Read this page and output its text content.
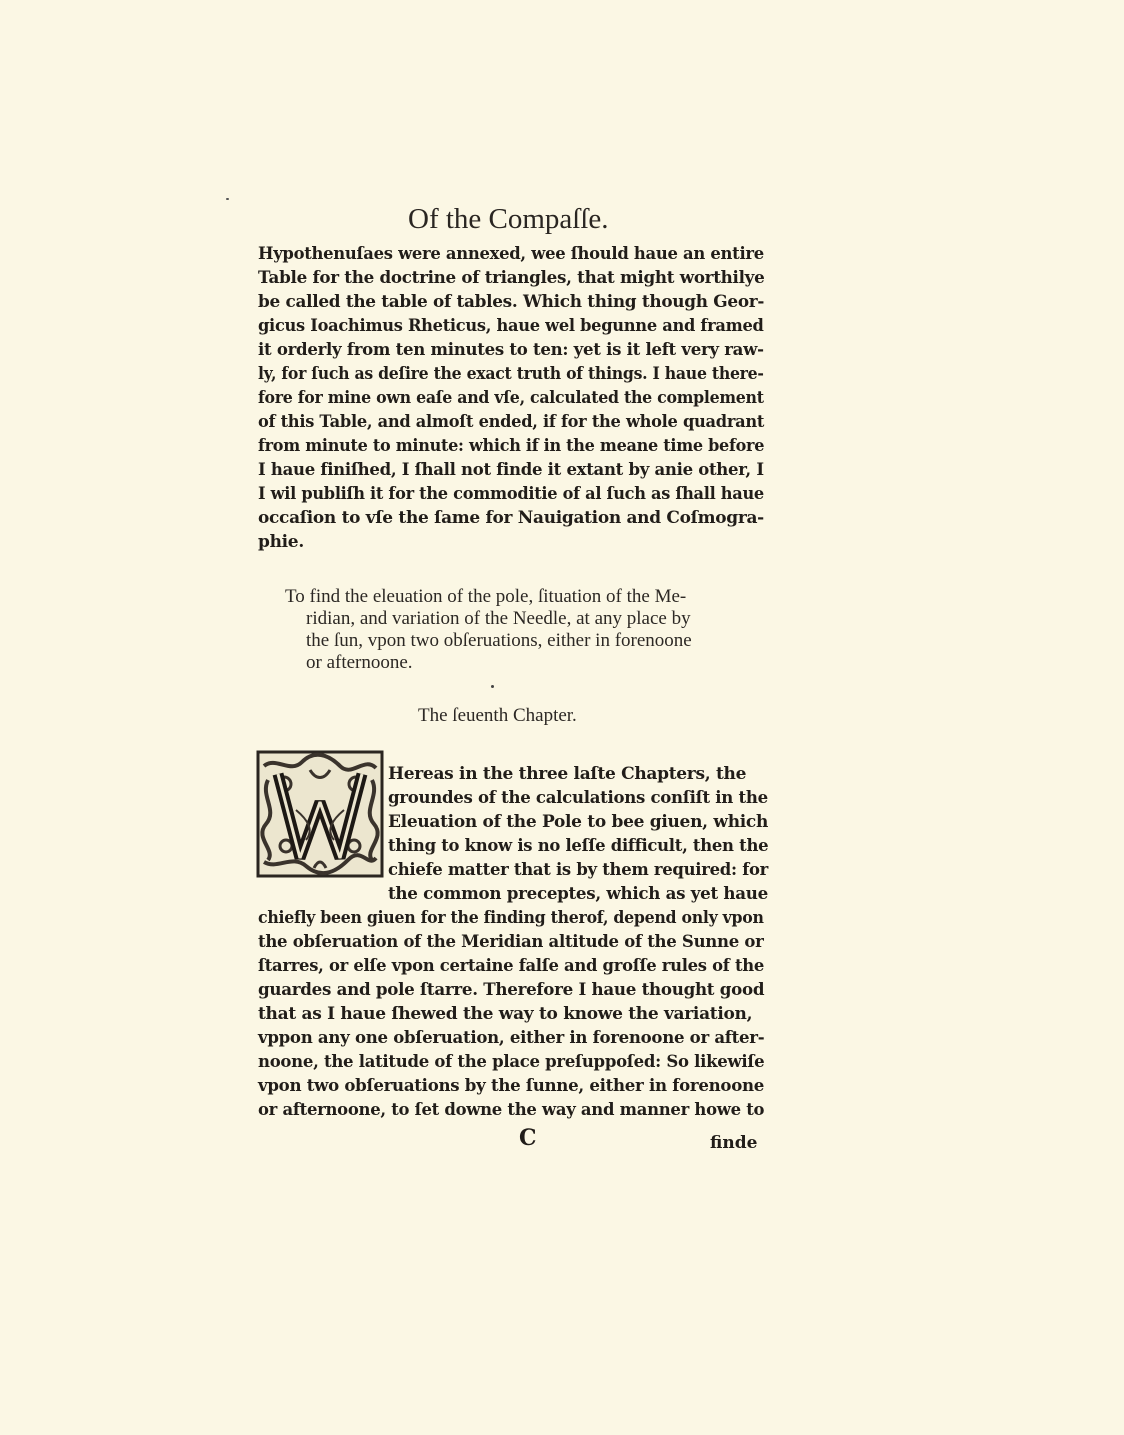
Of the Compaſſe.
Hypothenuſaes were annexed, wee ſhould haue an entire
Table for the doctrine of triangles, that might worthilye
be called the table of tables. Which thing though Geor-
gicus Ioachimus Rheticus, haue wel begunne and framed
it orderly from ten minutes to ten: yet is it left very raw-
ly, for ſuch as deſire the exact truth of things. I haue there-
fore for mine own eaſe and vſe, calculated the complement
of this Table, and almoſt ended, if for the whole quadrant
from minute to minute: which if in the meane time before
I haue finiſhed, I ſhall not finde it extant by anie other, I
I wil publiſh it for the commoditie of al ſuch as ſhall haue
occaſion to vſe the ſame for Nauigation and Coſmogra-
phie.
To find the eleuation of the pole, ſituation of the Me-
ridian, and variation of the Needle, at any place by
the ſun, vpon two obſeruations, either in forenoone
or afternoone.
The ſeuenth Chapter.
Hereas in the three laſte Chapters, the
groundes of the calculations conſiſt in the
Eleuation of the Pole to bee giuen, which
thing to know is no leſſe difficult, then the
chiefe matter that is by them required: for
the common preceptes, which as yet haue
chiefly been giuen for the finding therof, depend only vpon
the obſeruation of the Meridian altitude of the Sunne or
ſtarres, or elſe vpon certaine falſe and groſſe rules of the
guardes and pole ſtarre. Therefore I haue thought good
that as I haue ſhewed the way to knowe the variation,
vppon any one obſeruation, either in forenoone or after-
noone, the latitude of the place preſuppoſed: So likewiſe
vpon two obſeruations by the ſunne, either in forenoone
or afternoone, to ſet downe the way and manner howe to
C	finde
